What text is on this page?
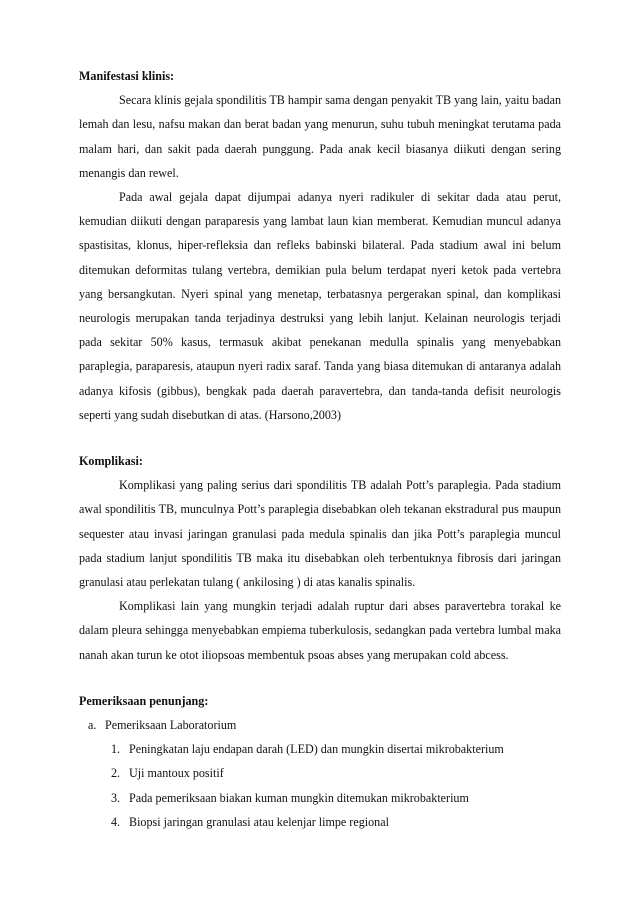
Manifestasi klinis:

Secara klinis gejala spondilitis TB hampir sama dengan penyakit TB yang lain, yaitu badan lemah dan lesu, nafsu makan dan berat badan yang menurun, suhu tubuh meningkat terutama pada malam hari, dan sakit pada daerah punggung. Pada anak kecil biasanya diikuti dengan sering menangis dan rewel.

Pada awal gejala dapat dijumpai adanya nyeri radikuler di sekitar dada atau perut, kemudian diikuti dengan paraparesis yang lambat laun kian memberat. Kemudian muncul adanya spastisitas, klonus, hiper-refleksia dan refleks babinski bilateral. Pada stadium awal ini belum ditemukan deformitas tulang vertebra, demikian pula belum terdapat nyeri ketok pada vertebra yang bersangkutan. Nyeri spinal yang menetap, terbatasnya pergerakan spinal, dan komplikasi neurologis merupakan tanda terjadinya destruksi yang lebih lanjut. Kelainan neurologis terjadi pada sekitar 50% kasus, termasuk akibat penekanan medulla spinalis yang menyebabkan paraplegia, paraparesis, ataupun nyeri radix saraf. Tanda yang biasa ditemukan di antaranya adalah adanya kifosis (gibbus), bengkak pada daerah paravertebra, dan tanda-tanda defisit neurologis seperti yang sudah disebutkan di atas. (Harsono,2003)

Komplikasi:

Komplikasi yang paling serius dari spondilitis TB adalah Pott’s paraplegia. Pada stadium awal spondilitis TB, munculnya Pott’s paraplegia disebabkan oleh tekanan ekstradural pus maupun sequester atau invasi jaringan granulasi pada medula spinalis dan jika Pott’s paraplegia muncul pada stadium lanjut spondilitis TB maka itu disebabkan oleh terbentuknya fibrosis dari jaringan granulasi atau perlekatan tulang ( ankilosing ) di atas kanalis spinalis.

Komplikasi lain yang mungkin terjadi adalah ruptur dari abses paravertebra torakal ke dalam pleura sehingga menyebabkan empiema tuberkulosis, sedangkan pada vertebra lumbal maka nanah akan turun ke otot iliopsoas membentuk psoas abses yang merupakan cold abcess.

Pemeriksaan penunjang:

a. Pemeriksaan Laboratorium
1. Peningkatan laju endapan darah (LED) dan mungkin disertai mikrobakterium
2. Uji mantoux positif
3. Pada pemeriksaan biakan kuman mungkin ditemukan mikrobakterium
4. Biopsi jaringan granulasi atau kelenjar limpe regional
